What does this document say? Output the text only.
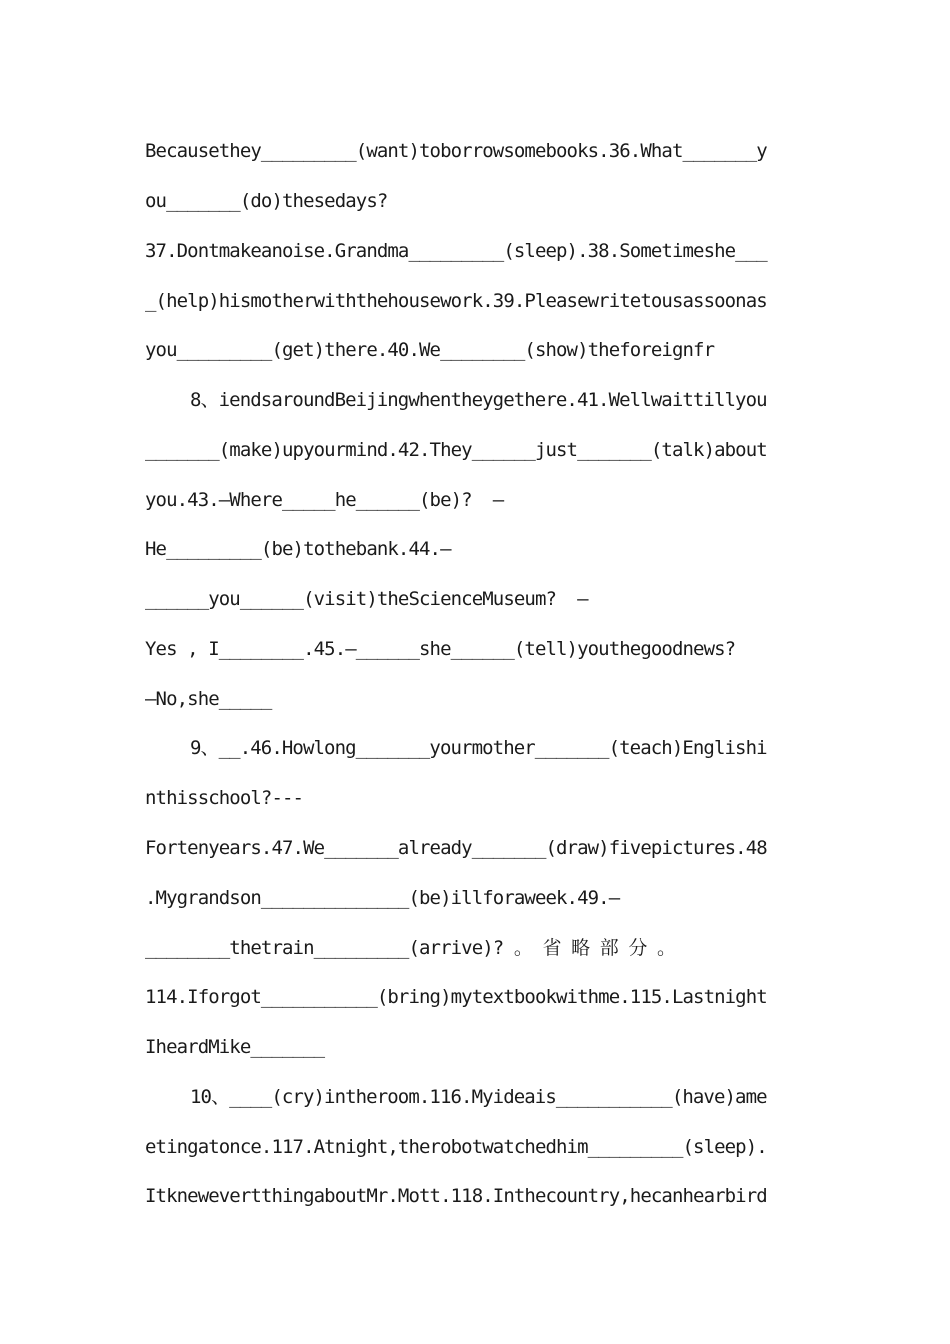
Becausethey_________(want)toborrowsomebooks.36.What_______y
ou_______(do)thesedays?
37.Dontmakeanoise.Grandma_________(sleep).38.Sometimeshe___
_(help)hismotherwiththehousework.39.Pleasewritetousassoonas
you_________(get)there.40.We________(show)theforeignfr
8、iendsaroundBeijingwhentheygethere.41.Wellwaittillyou
_______(make)upyourmind.42.They______just_______(talk)about
you.43.—Where_____he______(be)?  —
He_________(be)tothebank.44.—
______you______(visit)theScienceMuseum?  —
Yes , I________.45.—______she______(tell)youthegoodnews?
—No,she_____
9、__.46.Howlong_______yourmother_______(teach)Englishi
nthisschool?---
Fortenyears.47.We_______already_______(draw)fivepictures.48
.Mygrandson______________(be)illforaweek.49.—
________thetrain_________(arrive)? 。 省 略 部 分 。
114.Iforgot___________(bring)mytextbookwithme.115.Lastnight
IheardMike_______
10、____(cry)intheroom.116.Myideais___________(have)ame
etingatonce.117.Atnight,therobotwatchedhim_________(sleep).
ItknewevertthingaboutMr.Mott.118.Inthecountry,hecanhearbird
